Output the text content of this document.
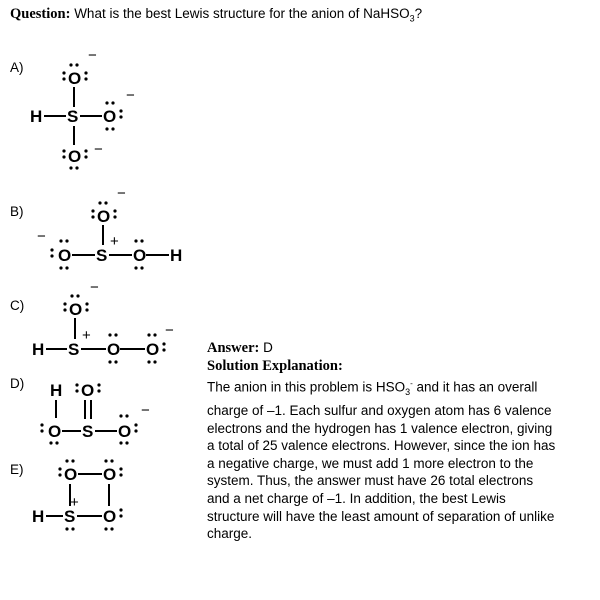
Question: What is the best Lewis structure for the anion of NaHSO$_3$?
A)
B)
C)
D)
E)
O
H S O
O
−
−
−
O
O S O H
−
−	+
O
H S O O
−
+	−
H O
O S O
−
O O
H S O
+
Answer: D
Solution Explanation:
The anion in this problem is $HSO_3^-$ and it has an overall charge of –1. Each sulfur and oxygen atom has 6 valence electrons and the hydrogen has 1 valence electron, giving a total of 25 valence electrons. However, since the ion has a negative charge, we must add 1 more electron to the system. Thus, the answer must have 26 total electrons and a net charge of –1. In addition, the best Lewis structure will have the least amount of separation of unlike charge.
